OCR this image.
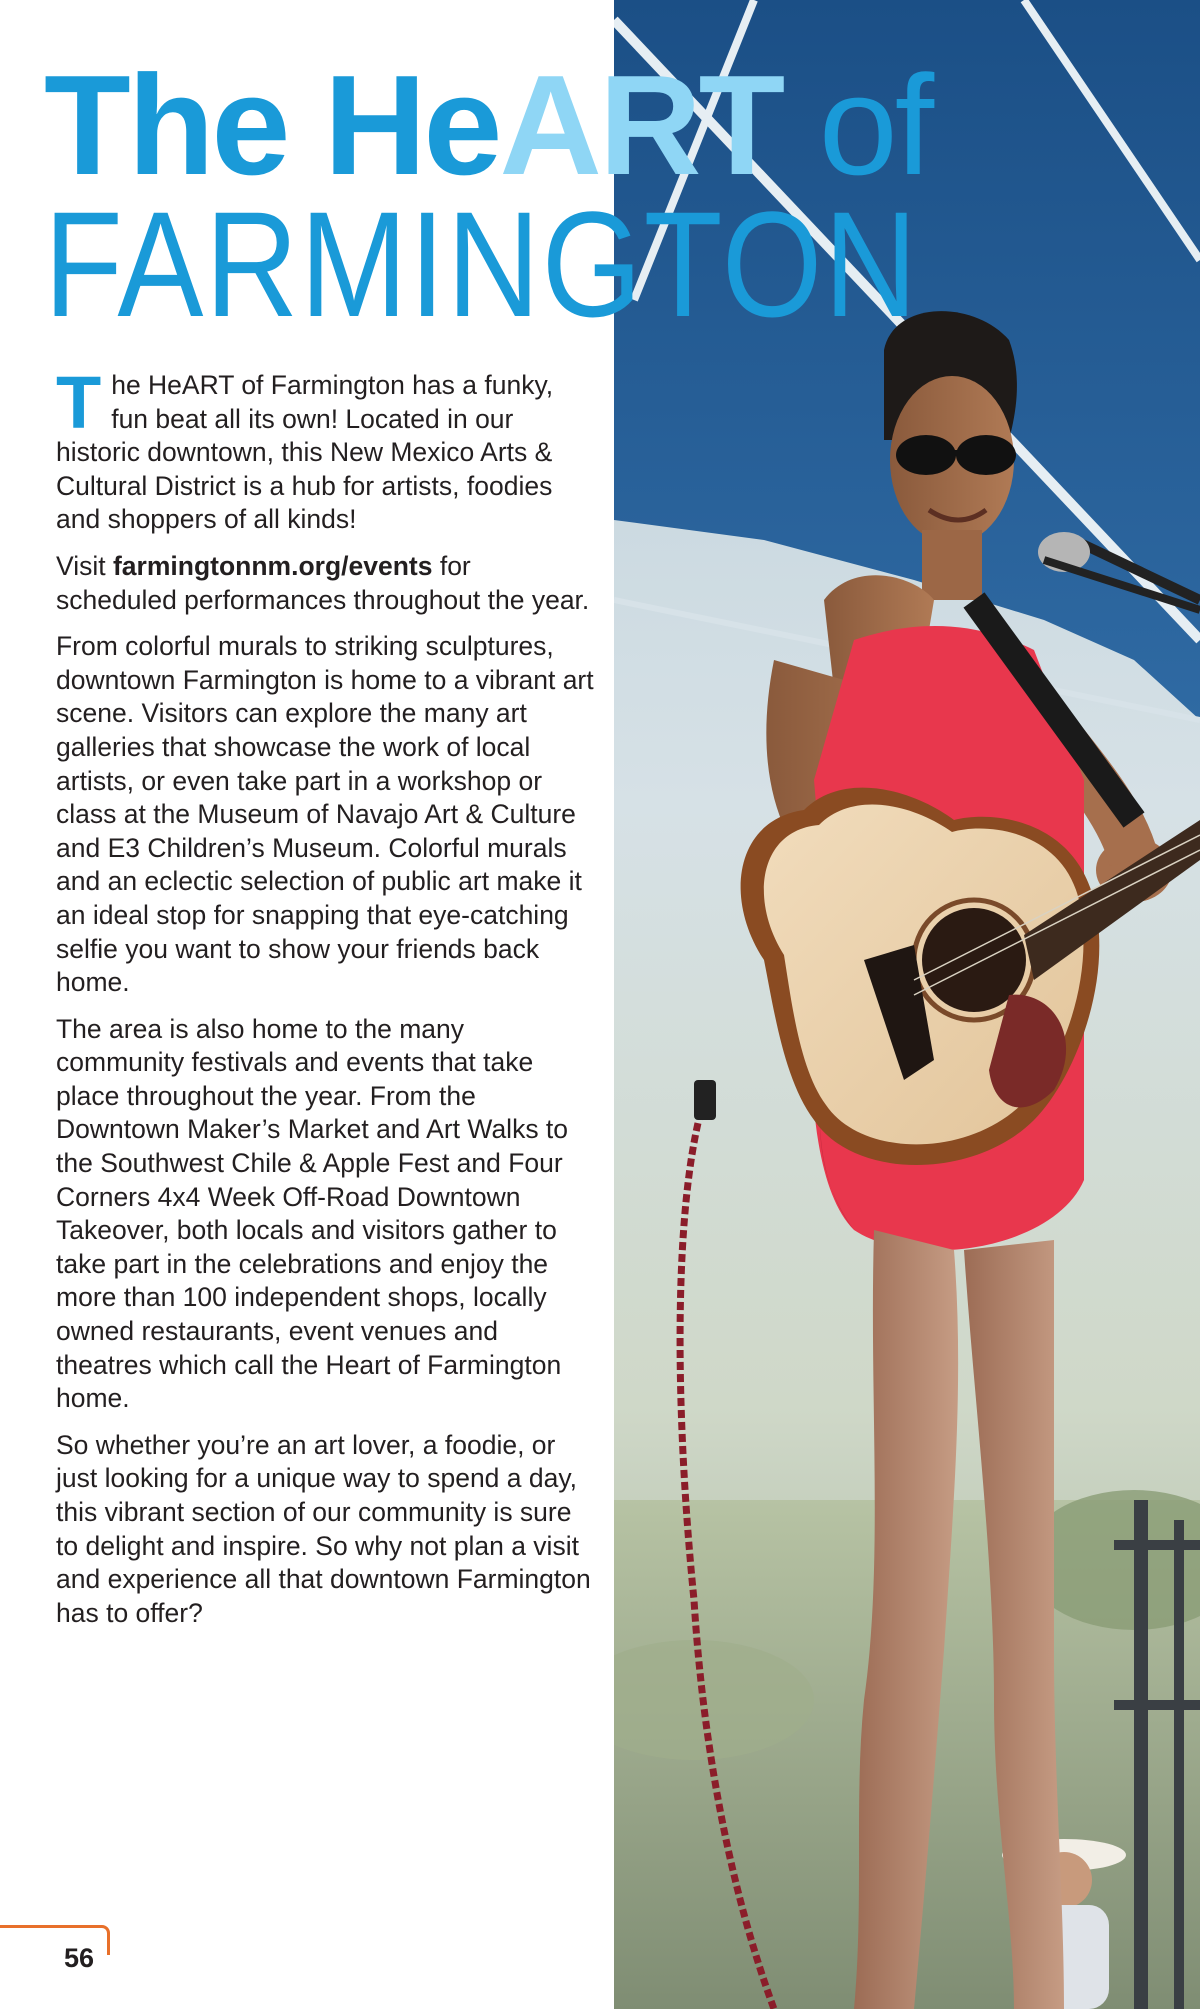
The HeART of
FARMINGTON

The HeART of Farmington has a funky, fun beat all its own! Located in our historic downtown, this New Mexico Arts & Cultural District is a hub for artists, foodies and shoppers of all kinds!

Visit farmingtonnm.org/events for scheduled performances throughout the year.

From colorful murals to striking sculptures, downtown Farmington is home to a vibrant art scene. Visitors can explore the many art galleries that showcase the work of local artists, or even take part in a workshop or class at the Museum of Navajo Art & Culture and E3 Children’s Museum. Colorful murals and an eclectic selection of public art make it an ideal stop for snapping that eye-catching selfie you want to show your friends back home.

The area is also home to the many community festivals and events that take place throughout the year. From the Downtown Maker’s Market and Art Walks to the Southwest Chile & Apple Fest and Four Corners 4x4 Week Off-Road Downtown Takeover, both locals and visitors gather to take part in the celebrations and enjoy the more than 100 independent shops, locally owned restaurants, event venues and theatres which call the Heart of Farmington home.

So whether you’re an art lover, a foodie, or just looking for a unique way to spend a day, this vibrant section of our community is sure to delight and inspire. So why not plan a visit and experience all that downtown Farmington has to offer?

56
